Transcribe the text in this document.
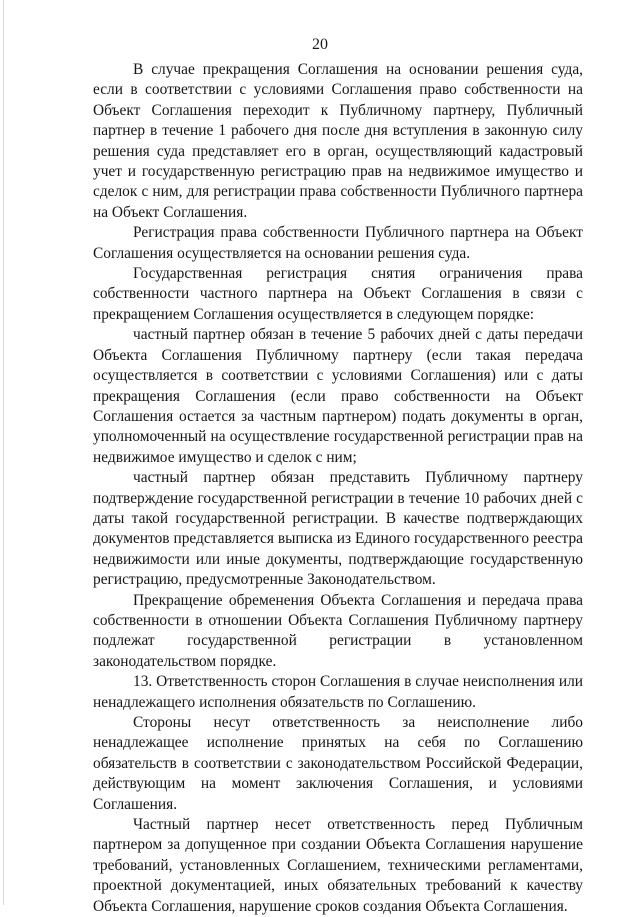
20

В случае прекращения Соглашения на основании решения суда, если в соответствии с условиями Соглашения право собственности на Объект Соглашения переходит к Публичному партнеру, Публичный партнер в течение 1 рабочего дня после дня вступления в законную силу решения суда представляет его в орган, осуществляющий кадастровый учет и государственную регистрацию прав на недвижимое имущество и сделок с ним, для регистрации права собственности Публичного партнера на Объект Соглашения.

Регистрация права собственности Публичного партнера на Объект Соглашения осуществляется на основании решения суда.

Государственная регистрация снятия ограничения права собственности частного партнера на Объект Соглашения в связи с прекращением Соглашения осуществляется в следующем порядке:

частный партнер обязан в течение 5 рабочих дней с даты передачи Объекта Соглашения Публичному партнеру (если такая передача осуществляется в соответствии с условиями Соглашения) или с даты прекращения Соглашения (если право собственности на Объект Соглашения остается за частным партнером) подать документы в орган, уполномоченный на осуществление государственной регистрации прав на недвижимое имущество и сделок с ним;

частный партнер обязан представить Публичному партнеру подтверждение государственной регистрации в течение 10 рабочих дней с даты такой государственной регистрации. В качестве подтверждающих документов представляется выписка из Единого государственного реестра недвижимости или иные документы, подтверждающие государственную регистрацию, предусмотренные Законодательством.

Прекращение обременения Объекта Соглашения и передача права собственности в отношении Объекта Соглашения Публичному партнеру подлежат государственной регистрации в установленном законодательством порядке.

13. Ответственность сторон Соглашения в случае неисполнения или ненадлежащего исполнения обязательств по Соглашению.

Стороны несут ответственность за неисполнение либо ненадлежащее исполнение принятых на себя по Соглашению обязательств в соответствии с законодательством Российской Федерации, действующим на момент заключения Соглашения, и условиями Соглашения.

Частный партнер несет ответственность перед Публичным партнером за допущенное при создании Объекта Соглашения нарушение требований, установленных Соглашением, техническими регламентами, проектной документацией, иных обязательных требований к качеству Объекта Соглашения, нарушение сроков создания Объекта Соглашения.
